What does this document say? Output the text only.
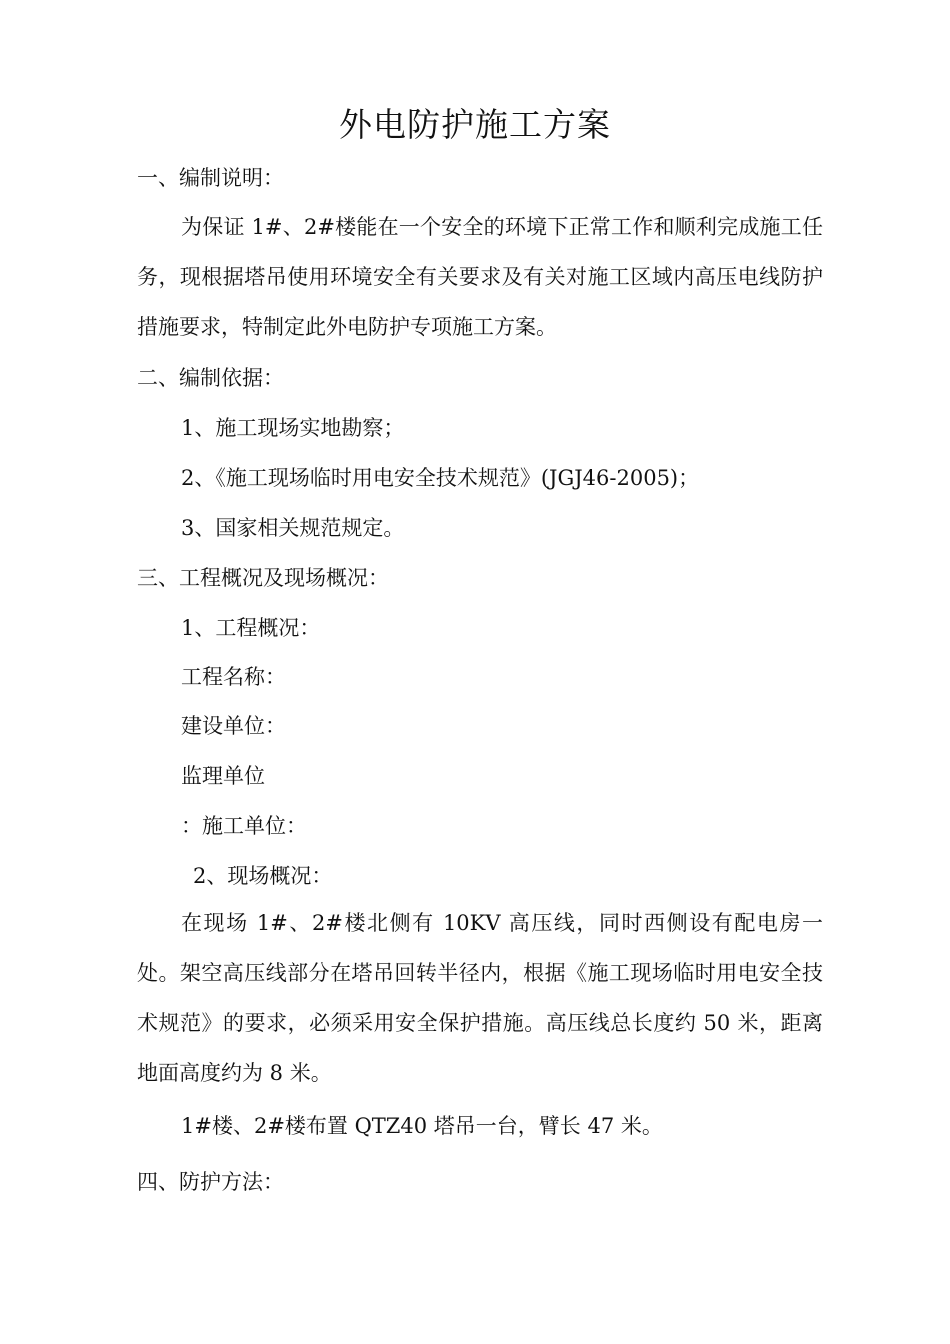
外电防护施工方案
一、编制说明：
为保证 1#、2#楼能在一个安全的环境下正常工作和顺利完成施工任务，现根据塔吊使用环境安全有关要求及有关对施工区域内高压电线防护措施要求，特制定此外电防护专项施工方案。
二、编制依据：
1、施工现场实地勘察；
2、《施工现场临时用电安全技术规范》(JGJ46-2005)；
3、国家相关规范规定。
三、工程概况及现场概况：
1、工程概况：
工程名称：
建设单位：
监理单位
：施工单位：
2、现场概况：
在现场 1#、2#楼北侧有 10KV 高压线，同时西侧设有配电房一处。架空高压线部分在塔吊回转半径内，根据《施工现场临时用电安全技术规范》的要求，必须采用安全保护措施。高压线总长度约 50 米，距离地面高度约为 8 米。
1#楼、2#楼布置 QTZ40 塔吊一台，臂长 47 米。
四、防护方法：
